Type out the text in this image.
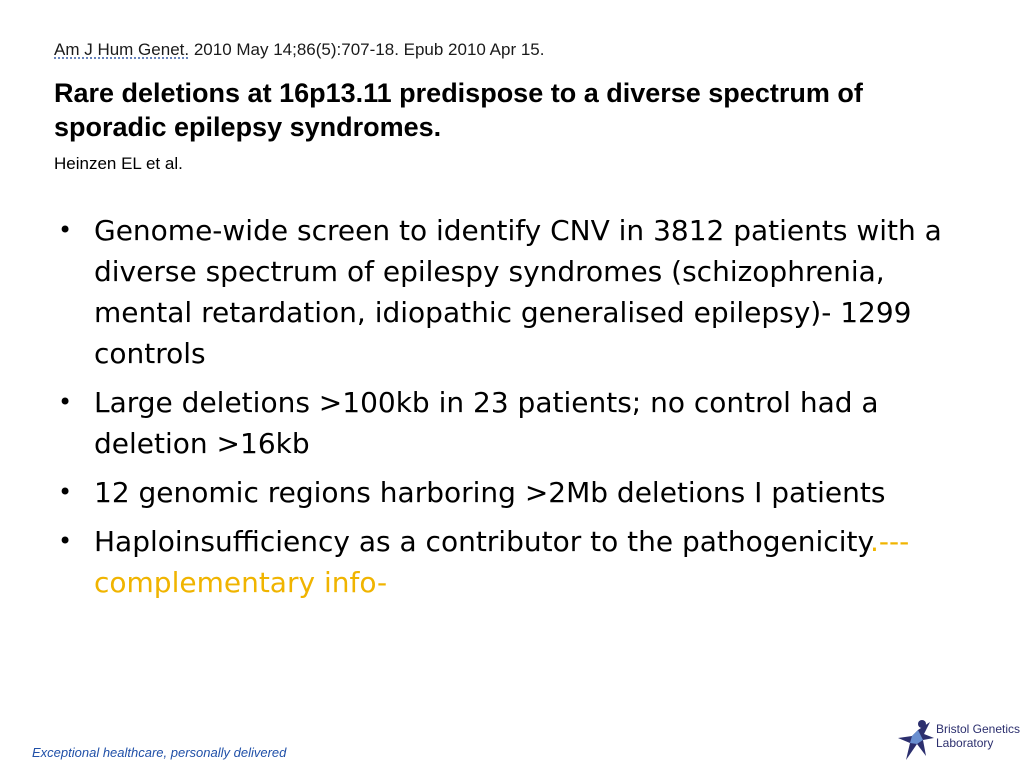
Am J Hum Genet. 2010 May 14;86(5):707-18. Epub 2010 Apr 15.
Rare deletions at 16p13.11 predispose to a diverse spectrum of sporadic epilepsy syndromes.
Heinzen EL et al.
• Genome-wide screen to identify CNV in 3812 patients with a diverse spectrum of epilespy syndromes (schizophrenia, mental retardation, idiopathic generalised epilepsy)- 1299 controls
• Large deletions >100kb in 23 patients; no control had a deletion >16kb
• 12 genomic regions harboring >2Mb deletions I patients
• Haploinsufficiency as a contributor to the pathogenicity.---complementary info-
Exceptional healthcare, personally delivered
Bristol Genetics
Laboratory
